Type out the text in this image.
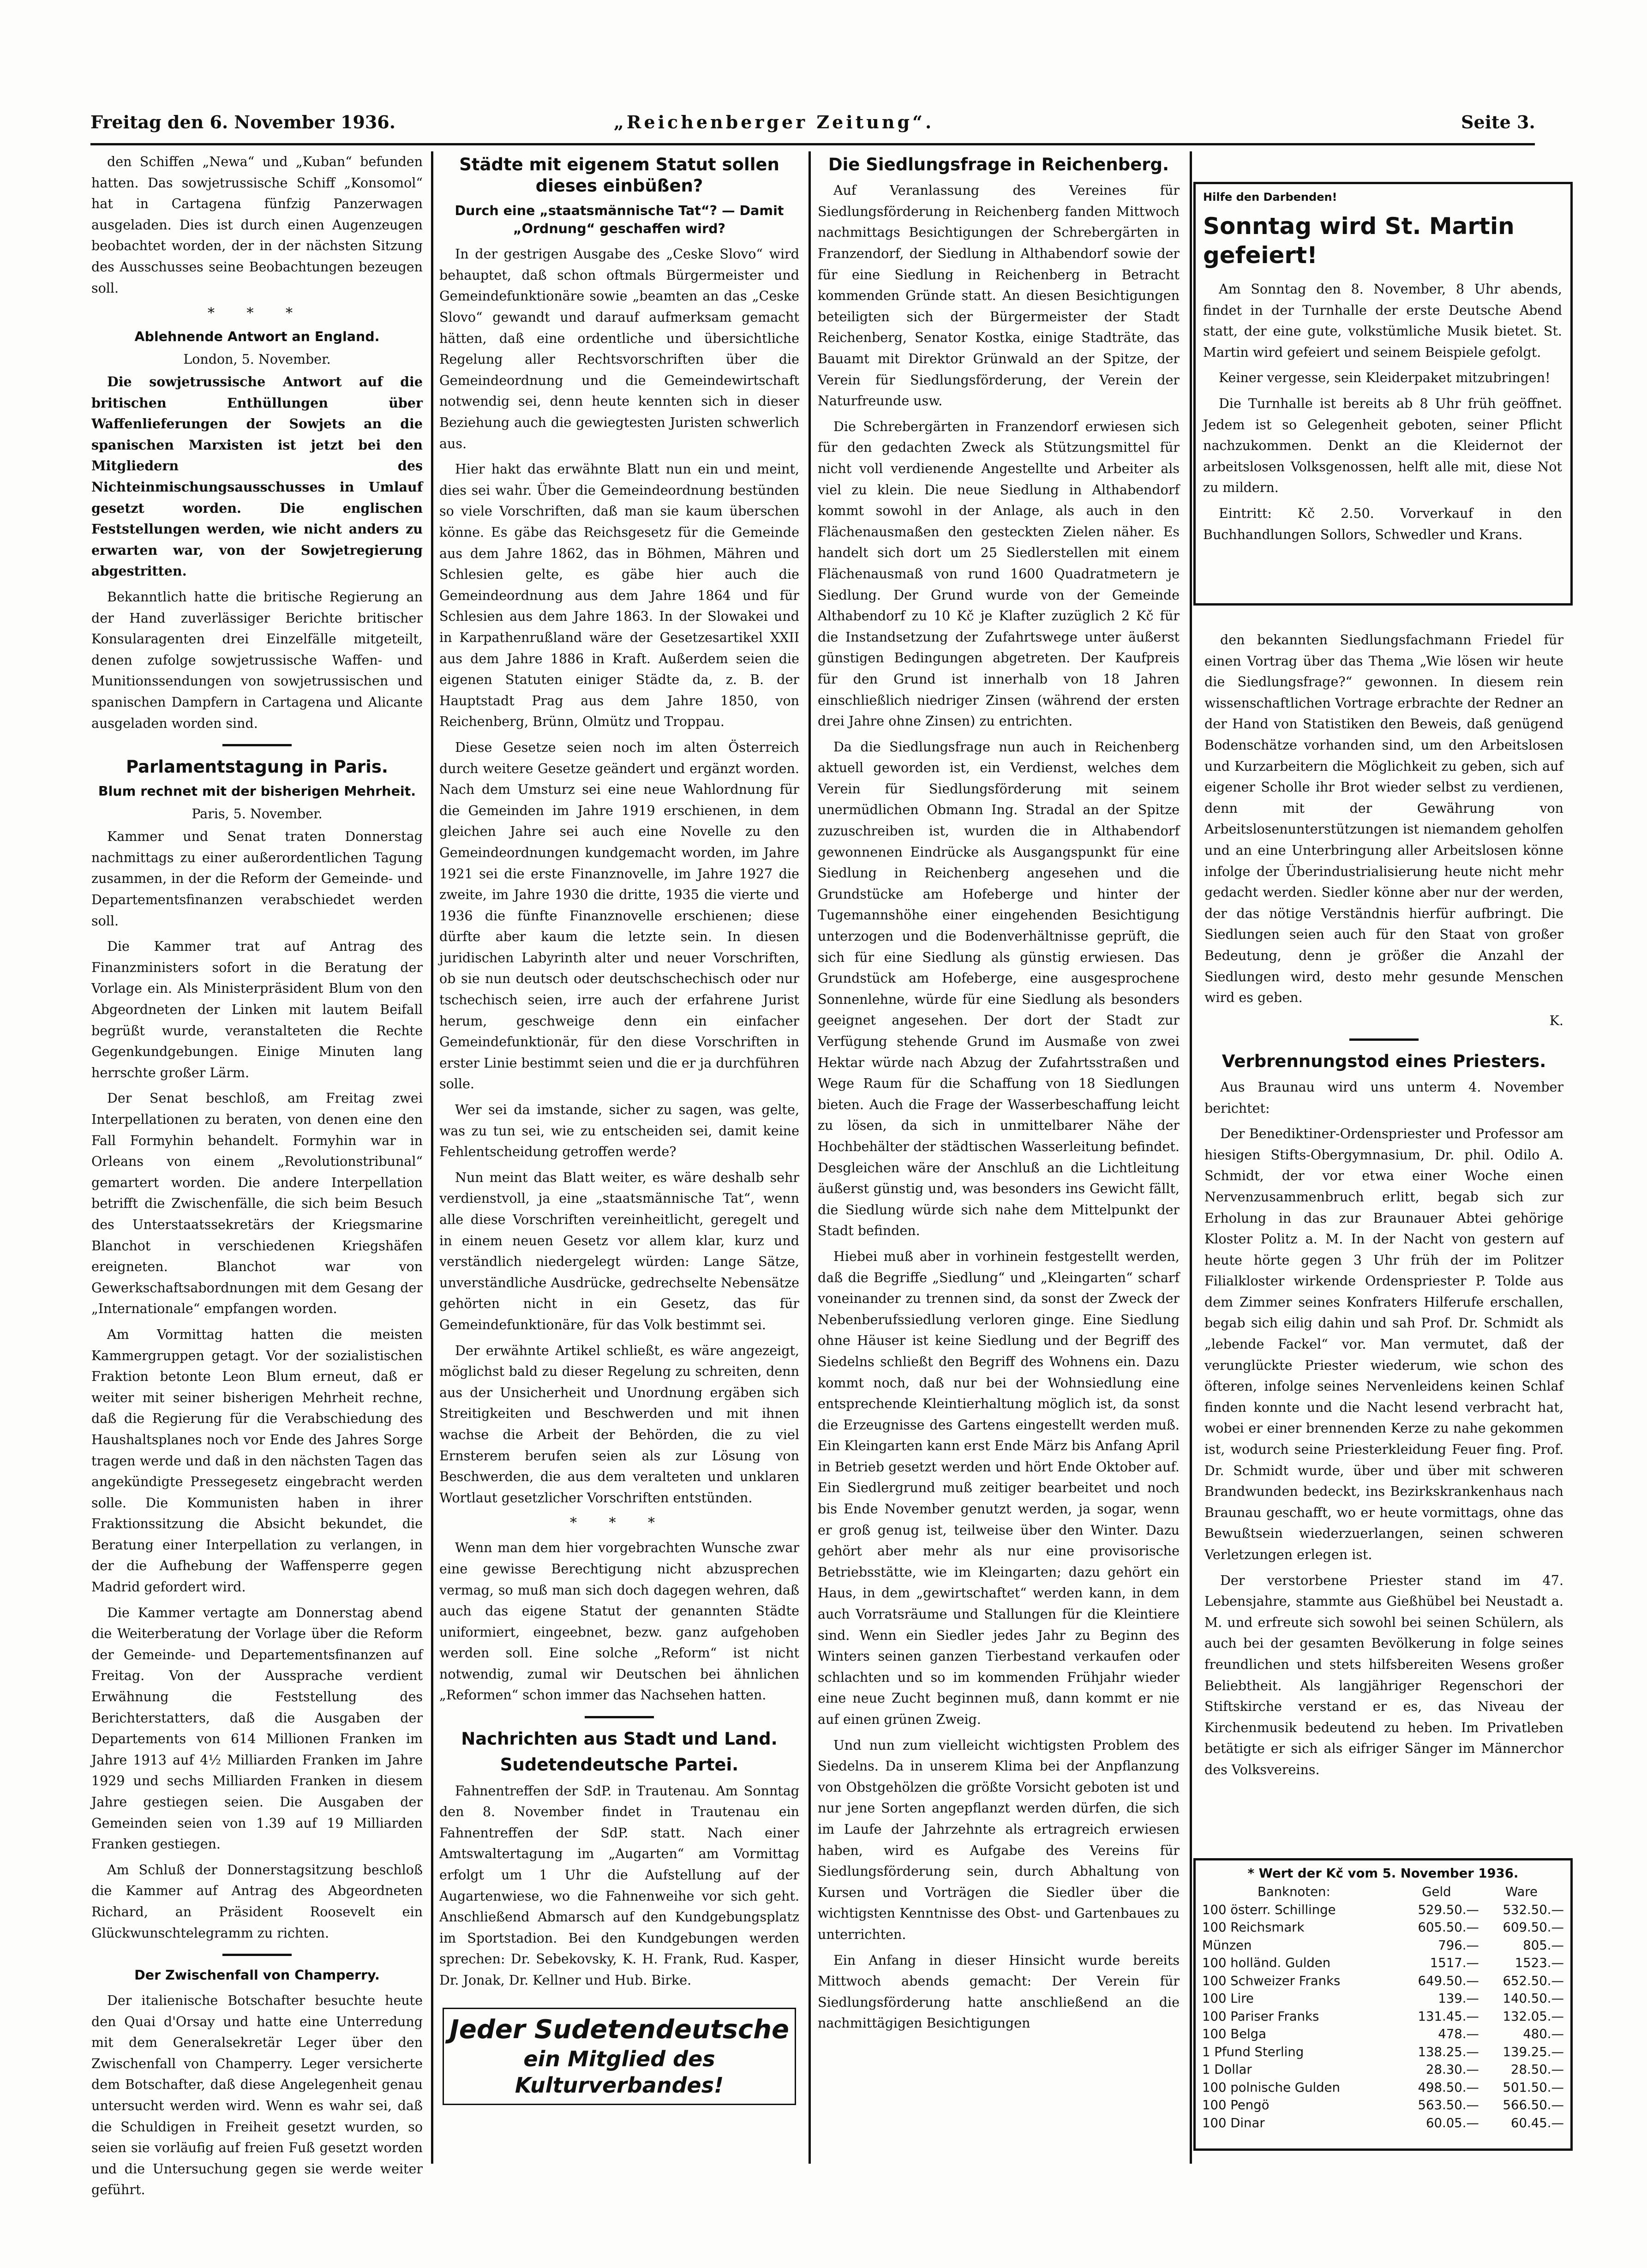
Freitag den 6. November 1936.	„Reichenberger Zeitung“.	Seite 3.

den Schiffen „Newa“ und „Kuban“ befunden hatten. Das sowjetrussische Schiff „Konsomol“ hat in Cartagena fünfzig Panzerwagen ausgeladen. Dies ist durch einen Augenzeugen beobachtet worden, der in der nächsten Sitzung des Ausschusses seine Beobachtungen bezeugen soll.

* * *
Ablehnende Antwort an England.
London, 5. November.

Die sowjetrussische Antwort auf die britischen Enthüllungen über Waffenlieferungen der Sowjets an die spanischen Marxisten ist jetzt bei den Mitgliedern des Nichteinmischungsausschusses in Umlauf gesetzt worden. Die englischen Feststellungen werden, wie nicht anders zu erwarten war, von der Sowjetregierung abgestritten.

Bekanntlich hatte die britische Regierung an der Hand zuverlässiger Berichte britischer Konsularagenten drei Einzelfälle mitgeteilt, denen zufolge sowjetrussische Waffen- und Munitionssendungen von sowjetrussischen und spanischen Dampfern in Cartagena und Alicante ausgeladen worden sind.

Parlamentstagung in Paris.
Blum rechnet mit der bisherigen Mehrheit.
Paris, 5. November.

Kammer und Senat traten Donnerstag nachmittags zu einer außerordentlichen Tagung zusammen, in der die Reform der Gemeinde- und Departementsfinanzen verabschiedet werden soll.

Die Kammer trat auf Antrag des Finanzministers sofort in die Beratung der Vorlage ein. Als Ministerpräsident Blum von den Abgeordneten der Linken mit lautem Beifall begrüßt wurde, veranstalteten die Rechte Gegenkundgebungen. Einige Minuten lang herrschte großer Lärm.

Der Senat beschloß, am Freitag zwei Interpellationen zu beraten, von denen eine den Fall Formyhin behandelt. Formyhin war in Orleans von einem „Revolutionstribunal“ gemartert worden. Die andere Interpellation betrifft die Zwischenfälle, die sich beim Besuch des Unterstaatssekretärs der Kriegsmarine Blanchot in verschiedenen Kriegshäfen ereigneten. Blanchot war von Gewerkschaftsabordnungen mit dem Gesang der „Internationale“ empfangen worden.

Am Vormittag hatten die meisten Kammergruppen getagt. Vor der sozialistischen Fraktion betonte Leon Blum erneut, daß er weiter mit seiner bisherigen Mehrheit rechne, daß die Regierung für die Verabschiedung des Haushaltsplanes noch vor Ende des Jahres Sorge tragen werde und daß in den nächsten Tagen das angekündigte Pressegesetz eingebracht werden solle. Die Kommunisten haben in ihrer Fraktionssitzung die Absicht bekundet, die Beratung einer Interpellation zu verlangen, in der die Aufhebung der Waffensperre gegen Madrid gefordert wird.

Die Kammer vertagte am Donnerstag abend die Weiterberatung der Vorlage über die Reform der Gemeinde- und Departementsfinanzen auf Freitag. Von der Aussprache verdient Erwähnung die Feststellung des Berichterstatters, daß die Ausgaben der Departements von 614 Millionen Franken im Jahre 1913 auf 4½ Milliarden Franken im Jahre 1929 und sechs Milliarden Franken in diesem Jahre gestiegen seien. Die Ausgaben der Gemeinden seien von 1.39 auf 19 Milliarden Franken gestiegen.

Am Schluß der Donnerstagsitzung beschloß die Kammer auf Antrag des Abgeordneten Richard, an Präsident Roosevelt ein Glückwunschtelegramm zu richten.

Der Zwischenfall von Champerry.

Der italienische Botschafter besuchte heute den Quai d'Orsay und hatte eine Unterredung mit dem Generalsekretär Leger über den Zwischenfall von Champerry. Leger versicherte dem Botschafter, daß diese Angelegenheit genau untersucht werden wird. Wenn es wahr sei, daß die Schuldigen in Freiheit gesetzt wurden, so seien sie vorläufig auf freien Fuß gesetzt worden und die Untersuchung gegen sie werde weiter geführt.

Städte mit eigenem Statut sollen dieses einbüßen?
Durch eine „staatsmännische Tat“? — Damit „Ordnung“ geschaffen wird?

In der gestrigen Ausgabe des „Ceske Slovo“ wird behauptet, daß schon oftmals Bürgermeister und Gemeindefunktionäre sowie „beamten an das „Ceske Slovo“ gewandt und darauf aufmerksam gemacht hätten, daß eine ordentliche und übersichtliche Regelung aller Rechtsvorschriften über die Gemeindeordnung und die Gemeindewirtschaft notwendig sei, denn heute kennten sich in dieser Beziehung auch die gewiegtesten Juristen schwerlich aus.

Hier hakt das erwähnte Blatt nun ein und meint, dies sei wahr. Über die Gemeindeordnung bestünden so viele Vorschriften, daß man sie kaum überschen könne. Es gäbe das Reichsgesetz für die Gemeinde aus dem Jahre 1862, das in Böhmen, Mähren und Schlesien gelte, es gäbe hier auch die Gemeindeordnung aus dem Jahre 1864 und für Schlesien aus dem Jahre 1863. In der Slowakei und in Karpathenrußland wäre der Gesetzesartikel XXII aus dem Jahre 1886 in Kraft. Außerdem seien die eigenen Statuten einiger Städte da, z. B. der Hauptstadt Prag aus dem Jahre 1850, von Reichenberg, Brünn, Olmütz und Troppau.

Diese Gesetze seien noch im alten Österreich durch weitere Gesetze geändert und ergänzt worden. Nach dem Umsturz sei eine neue Wahlordnung für die Gemeinden im Jahre 1919 erschienen, in dem gleichen Jahre sei auch eine Novelle zu den Gemeindeordnungen kundgemacht worden, im Jahre 1921 sei die erste Finanznovelle, im Jahre 1927 die zweite, im Jahre 1930 die dritte, 1935 die vierte und 1936 die fünfte Finanznovelle erschienen; diese dürfte aber kaum die letzte sein. In diesen juridischen Labyrinth alter und neuer Vorschriften, ob sie nun deutsch oder deutschschechisch oder nur tschechisch seien, irre auch der erfahrene Jurist herum, geschweige denn ein einfacher Gemeindefunktionär, für den diese Vorschriften in erster Linie bestimmt seien und die er ja durchführen solle.

Wer sei da imstande, sicher zu sagen, was gelte, was zu tun sei, wie zu entscheiden sei, damit keine Fehlentscheidung getroffen werde?

Nun meint das Blatt weiter, es wäre deshalb sehr verdienstvoll, ja eine „staatsmännische Tat“, wenn alle diese Vorschriften vereinheitlicht, geregelt und in einem neuen Gesetz vor allem klar, kurz und verständlich niedergelegt würden: Lange Sätze, unverständliche Ausdrücke, gedrechselte Nebensätze gehörten nicht in ein Gesetz, das für Gemeindefunktionäre, für das Volk bestimmt sei.

Der erwähnte Artikel schließt, es wäre angezeigt, möglichst bald zu dieser Regelung zu schreiten, denn aus der Unsicherheit und Unordnung ergäben sich Streitigkeiten und Beschwerden und mit ihnen wachse die Arbeit der Behörden, die zu viel Ernsterem berufen seien als zur Lösung von Beschwerden, die aus dem veralteten und unklaren Wortlaut gesetzlicher Vorschriften entstünden.

* * *

Wenn man dem hier vorgebrachten Wunsche zwar eine gewisse Berechtigung nicht abzusprechen vermag, so muß man sich doch dagegen wehren, daß auch das eigene Statut der genannten Städte uniformiert, eingeebnet, bezw. ganz aufgehoben werden soll. Eine solche „Reform“ ist nicht notwendig, zumal wir Deutschen bei ähnlichen „Reformen“ schon immer das Nachsehen hatten.

Nachrichten aus Stadt und Land.
Sudetendeutsche Partei.

Fahnentreffen der SdP. in Trautenau. Am Sonntag den 8. November findet in Trautenau ein Fahnentreffen der SdP. statt. Nach einer Amtswaltertagung im „Augarten“ am Vormittag erfolgt um 1 Uhr die Aufstellung auf der Augartenwiese, wo die Fahnenweihe vor sich geht. Anschließend Abmarsch auf den Kundgebungsplatz im Sportstadion. Bei den Kundgebungen werden sprechen: Dr. Sebekovsky, K. H. Frank, Rud. Kasper, Dr. Jonak, Dr. Kellner und Hub. Birke.

Jeder Sudetendeutsche
ein Mitglied des Kulturverbandes!
Die Siedlungsfrage in Reichenberg.

Auf Veranlassung des Vereines für Siedlungsförderung in Reichenberg fanden Mittwoch nachmittags Besichtigungen der Schrebergärten in Franzendorf, der Siedlung in Althabendorf sowie der für eine Siedlung in Reichenberg in Betracht kommenden Gründe statt. An diesen Besichtigungen beteiligten sich der Bürgermeister der Stadt Reichenberg, Senator Kostka, einige Stadträte, das Bauamt mit Direktor Grünwald an der Spitze, der Verein für Siedlungsförderung, der Verein der Naturfreunde usw.

Die Schrebergärten in Franzendorf erwiesen sich für den gedachten Zweck als Stützungsmittel für nicht voll verdienende Angestellte und Arbeiter als viel zu klein. Die neue Siedlung in Althabendorf kommt sowohl in der Anlage, als auch in den Flächenausmaßen den gesteckten Zielen näher. Es handelt sich dort um 25 Siedlerstellen mit einem Flächenausmaß von rund 1600 Quadratmetern je Siedlung. Der Grund wurde von der Gemeinde Althabendorf zu 10 Kč je Klafter zuzüglich 2 Kč für die Instandsetzung der Zufahrtswege unter äußerst günstigen Bedingungen abgetreten. Der Kaufpreis für den Grund ist innerhalb von 18 Jahren einschließlich niedriger Zinsen (während der ersten drei Jahre ohne Zinsen) zu entrichten.

Da die Siedlungsfrage nun auch in Reichenberg aktuell geworden ist, ein Verdienst, welches dem Verein für Siedlungsförderung mit seinem unermüdlichen Obmann Ing. Stradal an der Spitze zuzuschreiben ist, wurden die in Althabendorf gewonnenen Eindrücke als Ausgangspunkt für eine Siedlung in Reichenberg angesehen und die Grundstücke am Hofeberge und hinter der Tugemannshöhe einer eingehenden Besichtigung unterzogen und die Bodenverhältnisse geprüft, die sich für eine Siedlung als günstig erwiesen. Das Grundstück am Hofeberge, eine ausgesprochene Sonnenlehne, würde für eine Siedlung als besonders geeignet angesehen. Der dort der Stadt zur Verfügung stehende Grund im Ausmaße von zwei Hektar würde nach Abzug der Zufahrtsstraßen und Wege Raum für die Schaffung von 18 Siedlungen bieten. Auch die Frage der Wasserbeschaffung leicht zu lösen, da sich in unmittelbarer Nähe der Hochbehälter der städtischen Wasserleitung befindet. Desgleichen wäre der Anschluß an die Lichtleitung äußerst günstig und, was besonders ins Gewicht fällt, die Siedlung würde sich nahe dem Mittelpunkt der Stadt befinden.

Hiebei muß aber in vorhinein festgestellt werden, daß die Begriffe „Siedlung“ und „Kleingarten“ scharf voneinander zu trennen sind, da sonst der Zweck der Nebenberufssiedlung verloren ginge. Eine Siedlung ohne Häuser ist keine Siedlung und der Begriff des Siedelns schließt den Begriff des Wohnens ein. Dazu kommt noch, daß nur bei der Wohnsiedlung eine entsprechende Kleintierhaltung möglich ist, da sonst die Erzeugnisse des Gartens eingestellt werden muß. Ein Kleingarten kann erst Ende März bis Anfang April in Betrieb gesetzt werden und hört Ende Oktober auf. Ein Siedlergrund muß zeitiger bearbeitet und noch bis Ende November genutzt werden, ja sogar, wenn er groß genug ist, teilweise über den Winter. Dazu gehört aber mehr als nur eine provisorische Betriebsstätte, wie im Kleingarten; dazu gehört ein Haus, in dem „gewirtschaftet“ werden kann, in dem auch Vorratsräume und Stallungen für die Kleintiere sind. Wenn ein Siedler jedes Jahr zu Beginn des Winters seinen ganzen Tierbestand verkaufen oder schlachten und so im kommenden Frühjahr wieder eine neue Zucht beginnen muß, dann kommt er nie auf einen grünen Zweig.

Und nun zum vielleicht wichtigsten Problem des Siedelns. Da in unserem Klima bei der Anpflanzung von Obstgehölzen die größte Vorsicht geboten ist und nur jene Sorten angepflanzt werden dürfen, die sich im Laufe der Jahrzehnte als ertragreich erwiesen haben, wird es Aufgabe des Vereins für Siedlungsförderung sein, durch Abhaltung von Kursen und Vorträgen die Siedler über die wichtigsten Kenntnisse des Obst- und Gartenbaues zu unterrichten.

Ein Anfang in dieser Hinsicht wurde bereits Mittwoch abends gemacht: Der Verein für Siedlungsförderung hatte anschließend an die nachmittägigen Besichtigungen

Hilfe den Darbenden!
Sonntag wird St. Martin gefeiert!

Am Sonntag den 8. November, 8 Uhr abends, findet in der Turnhalle der erste Deutsche Abend statt, der eine gute, volkstümliche Musik bietet. St. Martin wird gefeiert und seinem Beispiele gefolgt.

Keiner vergesse, sein Kleiderpaket mitzubringen!

Die Turnhalle ist bereits ab 8 Uhr früh geöffnet. Jedem ist so Gelegenheit geboten, seiner Pflicht nachzukommen. Denkt an die Kleidernot der arbeitslosen Volksgenossen, helft alle mit, diese Not zu mildern.

Eintritt: Kč 2.50. Vorverkauf in den Buchhandlungen Sollors, Schwedler und Krans.

den bekannten Siedlungsfachmann Friedel für einen Vortrag über das Thema „Wie lösen wir heute die Siedlungsfrage?“ gewonnen. In diesem rein wissenschaftlichen Vortrage erbrachte der Redner an der Hand von Statistiken den Beweis, daß genügend Bodenschätze vorhanden sind, um den Arbeitslosen und Kurzarbeitern die Möglichkeit zu geben, sich auf eigener Scholle ihr Brot wieder selbst zu verdienen, denn mit der Gewährung von Arbeitslosenunterstützungen ist niemandem geholfen und an eine Unterbringung aller Arbeitslosen könne infolge der Überindustrialisierung heute nicht mehr gedacht werden. Siedler könne aber nur der werden, der das nötige Verständnis hierfür aufbringt. Die Siedlungen seien auch für den Staat von großer Bedeutung, denn je größer die Anzahl der Siedlungen wird, desto mehr gesunde Menschen wird es geben.

K.
Verbrennungstod eines Priesters.

Aus Braunau wird uns unterm 4. November berichtet:

Der Benediktiner-Ordenspriester und Professor am hiesigen Stifts-Obergymnasium, Dr. phil. Odilo A. Schmidt, der vor etwa einer Woche einen Nervenzusammenbruch erlitt, begab sich zur Erholung in das zur Braunauer Abtei gehörige Kloster Politz a. M. In der Nacht von gestern auf heute hörte gegen 3 Uhr früh der im Politzer Filialkloster wirkende Ordenspriester P. Tolde aus dem Zimmer seines Konfraters Hilferufe erschallen, begab sich eilig dahin und sah Prof. Dr. Schmidt als „lebende Fackel“ vor. Man vermutet, daß der verunglückte Priester wiederum, wie schon des öfteren, infolge seines Nervenleidens keinen Schlaf finden konnte und die Nacht lesend verbracht hat, wobei er einer brennenden Kerze zu nahe gekommen ist, wodurch seine Priesterkleidung Feuer fing. Prof. Dr. Schmidt wurde, über und über mit schweren Brandwunden bedeckt, ins Bezirkskrankenhaus nach Braunau geschafft, wo er heute vormittags, ohne das Bewußtsein wiederzuerlangen, seinen schweren Verletzungen erlegen ist.

Der verstorbene Priester stand im 47. Lebensjahre, stammte aus Gießhübel bei Neustadt a. M. und erfreute sich sowohl bei seinen Schülern, als auch bei der gesamten Bevölkerung in folge seines freundlichen und stets hilfsbereiten Wesens großer Beliebtheit. Als langjähriger Regenschori der Stiftskirche verstand er es, das Niveau der Kirchenmusik bedeutend zu heben. Im Privatleben betätigte er sich als eifriger Sänger im Männerchor des Volksvereins.

* Wert der Kč vom 5. November 1936.
Banknoten:	Geld	Ware
100 österr. Schillinge	529.50.—	532.50.—
100 Reichsmark	605.50.—	609.50.—
Münzen	796.—	805.—
100 holländ. Gulden	1517.—	1523.—
100 Schweizer Franks	649.50.—	652.50.—
100 Lire	139.—	140.50.—
100 Pariser Franks	131.45.—	132.05.—
100 Belga	478.—	480.—
1 Pfund Sterling	138.25.—	139.25.—
1 Dollar	28.30.—	28.50.—
100 polnische Gulden	498.50.—	501.50.—
100 Pengö	563.50.—	566.50.—
100 Dinar	60.05.—	60.45.—
